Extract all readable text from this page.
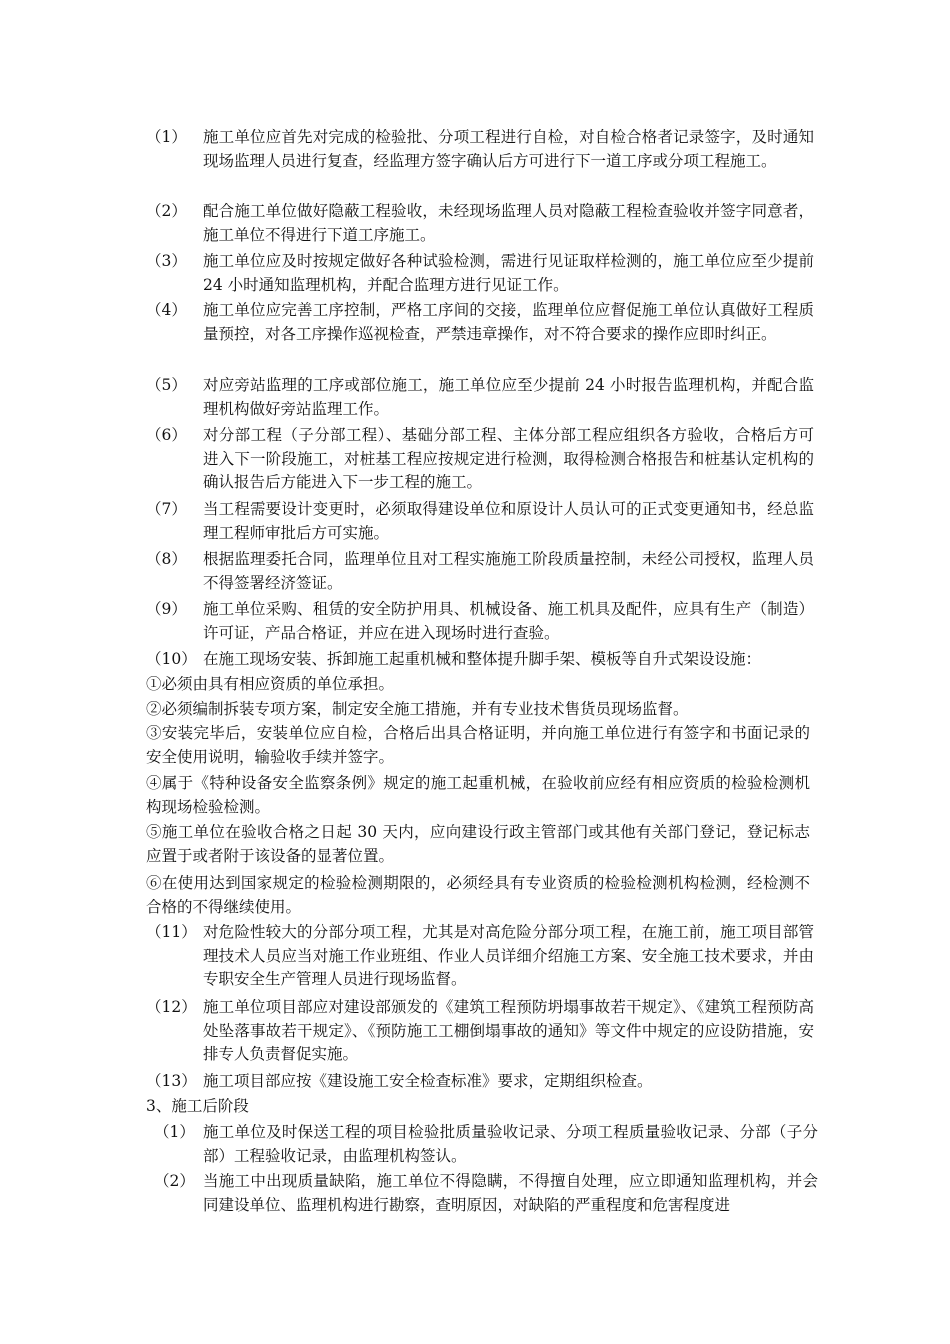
（1） 施工单位应首先对完成的检验批、分项工程进行自检，对自检合格者记录签字，及时通知现场监理人员进行复查，经监理方签字确认后方可进行下一道工序或分项工程施工。
（2） 配合施工单位做好隐蔽工程验收，未经现场监理人员对隐蔽工程检查验收并签字同意者，施工单位不得进行下道工序施工。
（3） 施工单位应及时按规定做好各种试验检测，需进行见证取样检测的，施工单位应至少提前 24 小时通知监理机构，并配合监理方进行见证工作。
（4） 施工单位应完善工序控制，严格工序间的交接，监理单位应督促施工单位认真做好工程质量预控，对各工序操作巡视检查，严禁违章操作，对不符合要求的操作应即时纠正。
（5） 对应旁站监理的工序或部位施工，施工单位应至少提前 24 小时报告监理机构，并配合监理机构做好旁站监理工作。
（6） 对分部工程（子分部工程）、基础分部工程、主体分部工程应组织各方验收，合格后方可进入下一阶段施工，对桩基工程应按规定进行检测，取得检测合格报告和桩基认定机构的确认报告后方能进入下一步工程的施工。
（7） 当工程需要设计变更时，必须取得建设单位和原设计人员认可的正式变更通知书，经总监理工程师审批后方可实施。
（8） 根据监理委托合同，监理单位且对工程实施施工阶段质量控制，未经公司授权，监理人员不得签署经济签证。
（9） 施工单位采购、租赁的安全防护用具、机械设备、施工机具及配件，应具有生产（制造）许可证，产品合格证，并应在进入现场时进行查验。
（10） 在施工现场安装、拆卸施工起重机械和整体提升脚手架、模板等自升式架设设施：
①必须由具有相应资质的单位承担。
②必须编制拆装专项方案，制定安全施工措施，并有专业技术售货员现场监督。
③安装完毕后，安装单位应自检，合格后出具合格证明，并向施工单位进行有签字和书面记录的安全使用说明，输验收手续并签字。
④属于《特种设备安全监察条例》规定的施工起重机械，在验收前应经有相应资质的检验检测机构现场检验检测。
⑤施工单位在验收合格之日起 30 天内，应向建设行政主管部门或其他有关部门登记，登记标志应置于或者附于该设备的显著位置。
⑥在使用达到国家规定的检验检测期限的，必须经具有专业资质的检验检测机构检测，经检测不合格的不得继续使用。
（11） 对危险性较大的分部分项工程，尤其是对高危险分部分项工程，在施工前，施工项目部管理技术人员应当对施工作业班组、作业人员详细介绍施工方案、安全施工技术要求，并由专职安全生产管理人员进行现场监督。
（12） 施工单位项目部应对建设部颁发的《建筑工程预防坍塌事故若干规定》、《建筑工程预防高处坠落事故若干规定》、《预防施工工棚倒塌事故的通知》等文件中规定的应设防措施，安排专人负责督促实施。
（13） 施工项目部应按《建设施工安全检查标准》要求，定期组织检查。
3、施工后阶段
（1） 施工单位及时保送工程的项目检验批质量验收记录、分项工程质量验收记录、分部（子分部）工程验收记录，由监理机构签认。
（2） 当施工中出现质量缺陷，施工单位不得隐瞒，不得擅自处理，应立即通知监理机构，并会同建设单位、监理机构进行勘察，查明原因，对缺陷的严重程度和危害程度进
